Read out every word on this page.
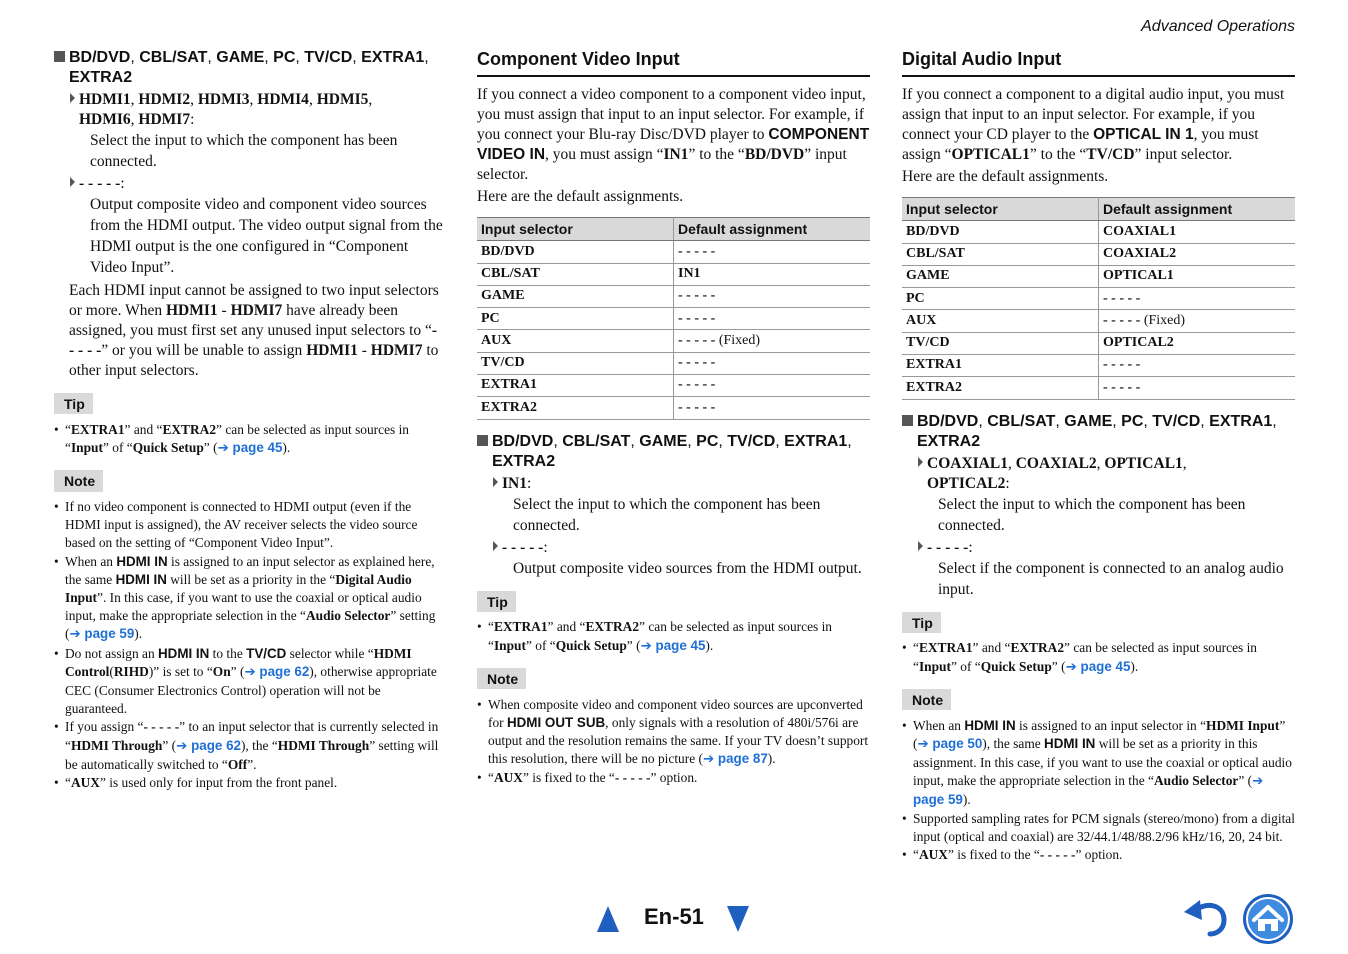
Advanced Operations
BD/DVD, CBL/SAT, GAME, PC, TV/CD, EXTRA1,
EXTRA2
HDMI1, HDMI2, HDMI3, HDMI4, HDMI5,
HDMI6, HDMI7:
Select the input to which the component has been connected.
- - - - -:
Output composite video and component video sources from the HDMI output. The video output signal from the HDMI output is the one configured in “Component Video Input”.
Each HDMI input cannot be assigned to two input selectors or more. When HDMI1 - HDMI7 have already been assigned, you must first set any unused input selectors to “- - - - -” or you will be unable to assign HDMI1 - HDMI7 to other input selectors.
Tip
• “EXTRA1” and “EXTRA2” can be selected as input sources in “Input” of “Quick Setup” (➔ page 45).
Note
• If no video component is connected to HDMI output (even if the HDMI input is assigned), the AV receiver selects the video source based on the setting of “Component Video Input”.
• When an HDMI IN is assigned to an input selector as explained here, the same HDMI IN will be set as a priority in the “Digital Audio Input”. In this case, if you want to use the coaxial or optical audio input, make the appropriate selection in the “Audio Selector” setting (➔ page 59).
• Do not assign an HDMI IN to the TV/CD selector while “HDMI Control(RIHD)” is set to “On” (➔ page 62), otherwise appropriate CEC (Consumer Electronics Control) operation will not be guaranteed.
• If you assign “- - - - -” to an input selector that is currently selected in “HDMI Through” (➔ page 62), the “HDMI Through” setting will be automatically switched to “Off”.
• “AUX” is used only for input from the front panel.
Component Video Input

If you connect a video component to a component video input, you must assign that input to an input selector. For example, if you connect your Blu-ray Disc/DVD player to COMPONENT VIDEO IN, you must assign “IN1” to the “BD/DVD” input selector.

Here are the default assignments.

Input selector	Default assignment
BD/DVD	- - - - -
CBL/SAT	IN1
GAME	- - - - -
PC	- - - - -
AUX	- - - - - (Fixed)
TV/CD	- - - - -
EXTRA1	- - - - -
EXTRA2	- - - - -
BD/DVD, CBL/SAT, GAME, PC, TV/CD, EXTRA1,
EXTRA2
IN1:
Select the input to which the component has been connected.
- - - - -:
Output composite video sources from the HDMI output.
Tip
• “EXTRA1” and “EXTRA2” can be selected as input sources in “Input” of “Quick Setup” (➔ page 45).
Note
• When composite video and component video sources are upconverted for HDMI OUT SUB, only signals with a resolution of 480i/576i are output and the resolution remains the same. If your TV doesn’t support this resolution, there will be no picture (➔ page 87).
• “AUX” is fixed to the “- - - - -” option.
Digital Audio Input

If you connect a component to a digital audio input, you must assign that input to an input selector. For example, if you connect your CD player to the OPTICAL IN 1, you must assign “OPTICAL1” to the “TV/CD” input selector.

Here are the default assignments.

Input selector	Default assignment
BD/DVD	COAXIAL1
CBL/SAT	COAXIAL2
GAME	OPTICAL1
PC	- - - - -
AUX	- - - - - (Fixed)
TV/CD	OPTICAL2
EXTRA1	- - - - -
EXTRA2	- - - - -
BD/DVD, CBL/SAT, GAME, PC, TV/CD, EXTRA1,
EXTRA2
COAXIAL1, COAXIAL2, OPTICAL1,
OPTICAL2:
Select the input to which the component has been connected.
- - - - -:
Select if the component is connected to an analog audio input.
Tip
• “EXTRA1” and “EXTRA2” can be selected as input sources in “Input” of “Quick Setup” (➔ page 45).
Note
• When an HDMI IN is assigned to an input selector in “HDMI Input” (➔ page 50), the same HDMI IN will be set as a priority in this assignment. In this case, if you want to use the coaxial or optical audio input, make the appropriate selection in the “Audio Selector” (➔ page 59).
• Supported sampling rates for PCM signals (stereo/mono) from a digital input (optical and coaxial) are 32/44.1/48/88.2/96 kHz/16, 20, 24 bit.
• “AUX” is fixed to the “- - - - -” option.
En-51
